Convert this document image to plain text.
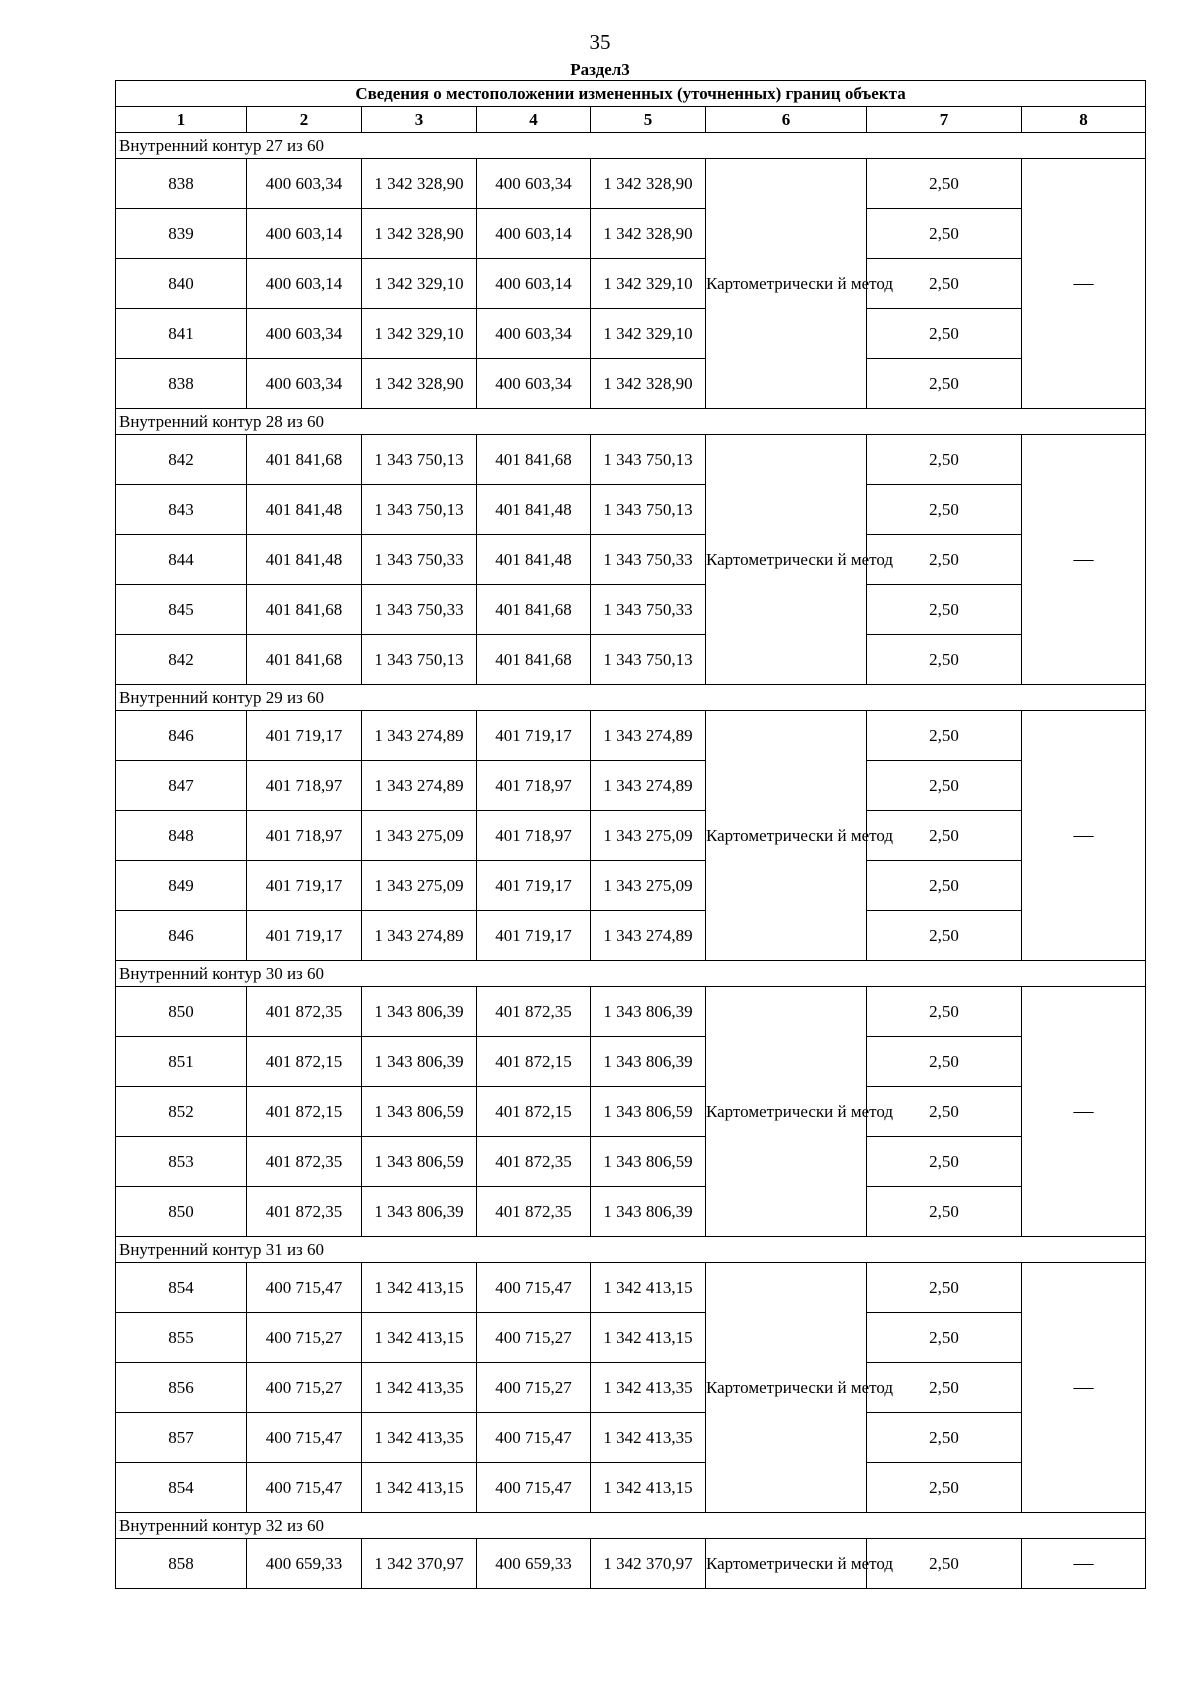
35
Раздел3
Сведения о местоположении измененных (уточненных) границ объекта							
1	2	3	4	5	6	7	8
Внутренний контур 27 из 60							
838	400 603,34	1 342 328,90	400 603,34	1 342 328,90	Картометрически й метод	2,50	—
839	400 603,14	1 342 328,90	400 603,14	1 342 328,90		2,50	
840	400 603,14	1 342 329,10	400 603,14	1 342 329,10		2,50	
841	400 603,34	1 342 329,10	400 603,34	1 342 329,10		2,50	
838	400 603,34	1 342 328,90	400 603,34	1 342 328,90		2,50	
Внутренний контур 28 из 60							
842	401 841,68	1 343 750,13	401 841,68	1 343 750,13	Картометрически й метод	2,50	—
843	401 841,48	1 343 750,13	401 841,48	1 343 750,13		2,50	
844	401 841,48	1 343 750,33	401 841,48	1 343 750,33		2,50	
845	401 841,68	1 343 750,33	401 841,68	1 343 750,33		2,50	
842	401 841,68	1 343 750,13	401 841,68	1 343 750,13		2,50	
Внутренний контур 29 из 60							
846	401 719,17	1 343 274,89	401 719,17	1 343 274,89	Картометрически й метод	2,50	—
847	401 718,97	1 343 274,89	401 718,97	1 343 274,89		2,50	
848	401 718,97	1 343 275,09	401 718,97	1 343 275,09		2,50	
849	401 719,17	1 343 275,09	401 719,17	1 343 275,09		2,50	
846	401 719,17	1 343 274,89	401 719,17	1 343 274,89		2,50	
Внутренний контур 30 из 60							
850	401 872,35	1 343 806,39	401 872,35	1 343 806,39	Картометрически й метод	2,50	—
851	401 872,15	1 343 806,39	401 872,15	1 343 806,39		2,50	
852	401 872,15	1 343 806,59	401 872,15	1 343 806,59		2,50	
853	401 872,35	1 343 806,59	401 872,35	1 343 806,59		2,50	
850	401 872,35	1 343 806,39	401 872,35	1 343 806,39		2,50	
Внутренний контур 31 из 60							
854	400 715,47	1 342 413,15	400 715,47	1 342 413,15	Картометрически й метод	2,50	—
855	400 715,27	1 342 413,15	400 715,27	1 342 413,15		2,50	
856	400 715,27	1 342 413,35	400 715,27	1 342 413,35		2,50	
857	400 715,47	1 342 413,35	400 715,47	1 342 413,35		2,50	
854	400 715,47	1 342 413,15	400 715,47	1 342 413,15		2,50	
Внутренний контур 32 из 60							
858	400 659,33	1 342 370,97	400 659,33	1 342 370,97	Картометрически й метод	2,50	—
